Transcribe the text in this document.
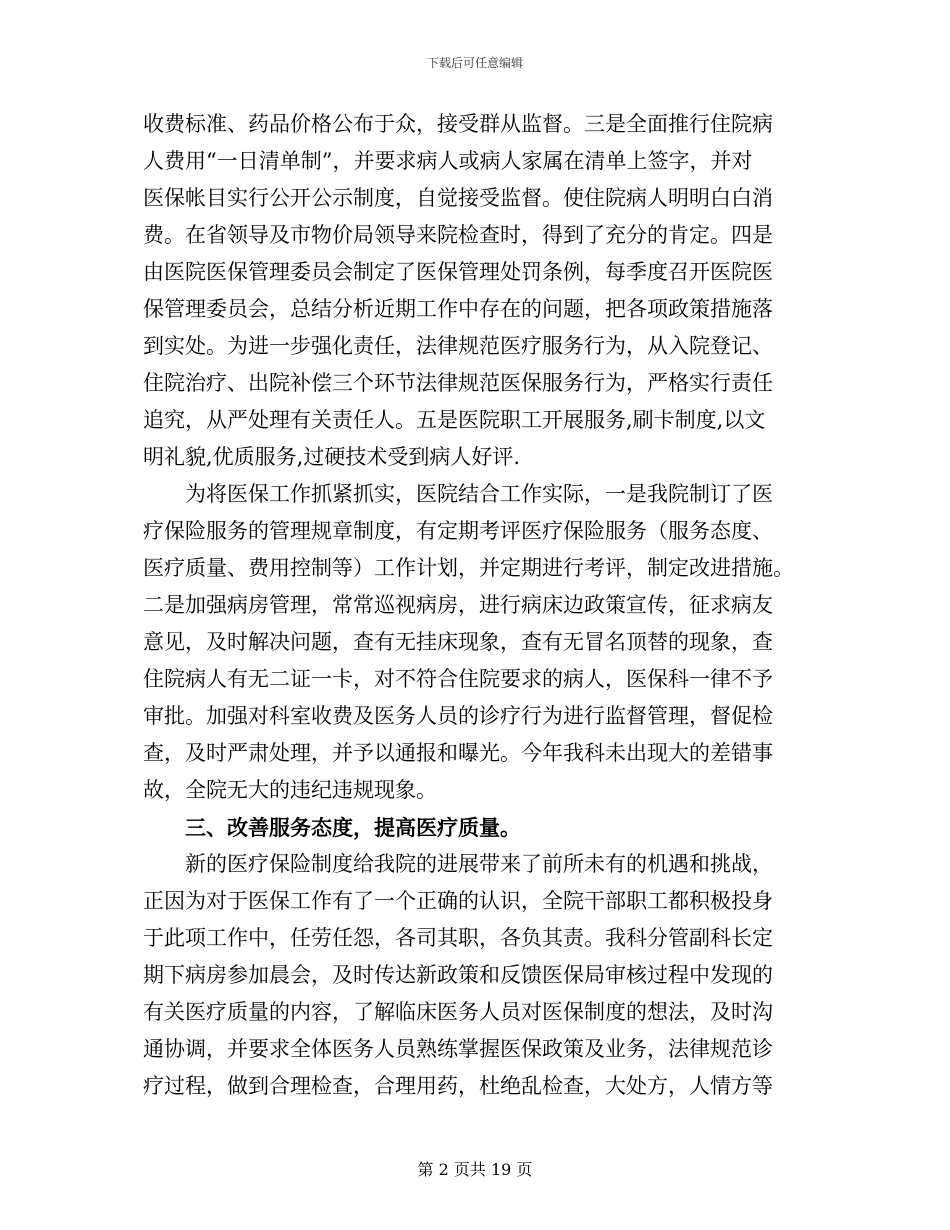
下载后可任意编辑
收费标准、药品价格公布于众，接受群从监督。三是全面推行住院病
人费用“一日清单制”，并要求病人或病人家属在清单上签字，并对
医保帐目实行公开公示制度，自觉接受监督。使住院病人明明白白消
费。在省领导及市物价局领导来院检查时，得到了充分的肯定。四是
由医院医保管理委员会制定了医保管理处罚条例，每季度召开医院医
保管理委员会，总结分析近期工作中存在的问题，把各项政策措施落
到实处。为进一步强化责任，法律规范医疗服务行为，从入院登记、
住院治疗、出院补偿三个环节法律规范医保服务行为，严格实行责任
追究，从严处理有关责任人。五是医院职工开展服务,刷卡制度,以文
明礼貌,优质服务,过硬技术受到病人好评.
为将医保工作抓紧抓实，医院结合工作实际，一是我院制订了医
疗保险服务的管理规章制度，有定期考评医疗保险服务（服务态度、
医疗质量、费用控制等）工作计划，并定期进行考评，制定改进措施。
二是加强病房管理，常常巡视病房，进行病床边政策宣传，征求病友
意见，及时解决问题，查有无挂床现象，查有无冒名顶替的现象，查
住院病人有无二证一卡，对不符合住院要求的病人，医保科一律不予
审批。加强对科室收费及医务人员的诊疗行为进行监督管理，督促检
查，及时严肃处理，并予以通报和曝光。今年我科未出现大的差错事
故，全院无大的违纪违规现象。
三、改善服务态度，提高医疗质量。
新的医疗保险制度给我院的进展带来了前所未有的机遇和挑战，
正因为对于医保工作有了一个正确的认识，全院干部职工都积极投身
于此项工作中，任劳任怨，各司其职，各负其责。我科分管副科长定
期下病房参加晨会，及时传达新政策和反馈医保局审核过程中发现的
有关医疗质量的内容，了解临床医务人员对医保制度的想法，及时沟
通协调，并要求全体医务人员熟练掌握医保政策及业务，法律规范诊
疗过程，做到合理检查，合理用药，杜绝乱检查，大处方，人情方等
第 2 页共 19 页
